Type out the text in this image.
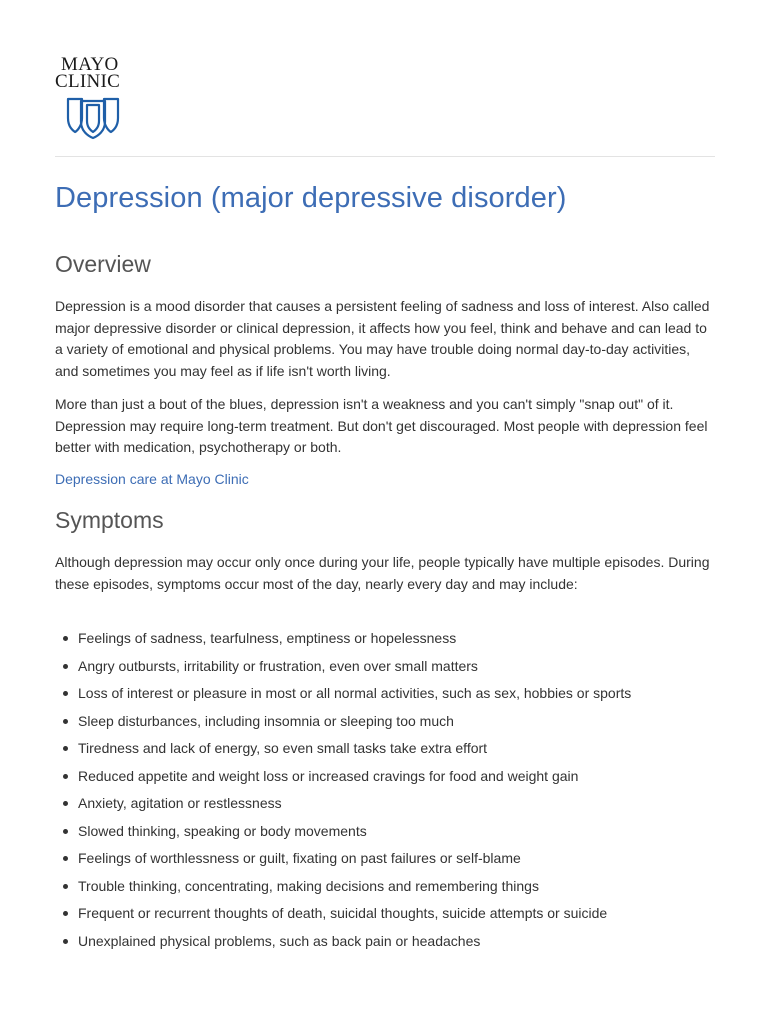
MAYO
CLINIC
Depression (major depressive disorder)
Overview

Depression is a mood disorder that causes a persistent feeling of sadness and loss of interest. Also called major depressive disorder or clinical depression, it affects how you feel, think and behave and can lead to a variety of emotional and physical problems. You may have trouble doing normal day-to-day activities, and sometimes you may feel as if life isn't worth living.

More than just a bout of the blues, depression isn't a weakness and you can't simply "snap out" of it. Depression may require long-term treatment. But don't get discouraged. Most people with depression feel better with medication, psychotherapy or both.

Depression care at Mayo Clinic
Symptoms

Although depression may occur only once during your life, people typically have multiple episodes. During these episodes, symptoms occur most of the day, nearly every day and may include:

Feelings of sadness, tearfulness, emptiness or hopelessness
Angry outbursts, irritability or frustration, even over small matters
Loss of interest or pleasure in most or all normal activities, such as sex, hobbies or sports
Sleep disturbances, including insomnia or sleeping too much
Tiredness and lack of energy, so even small tasks take extra effort
Reduced appetite and weight loss or increased cravings for food and weight gain
Anxiety, agitation or restlessness
Slowed thinking, speaking or body movements
Feelings of worthlessness or guilt, fixating on past failures or self-blame
Trouble thinking, concentrating, making decisions and remembering things
Frequent or recurrent thoughts of death, suicidal thoughts, suicide attempts or suicide
Unexplained physical problems, such as back pain or headaches
